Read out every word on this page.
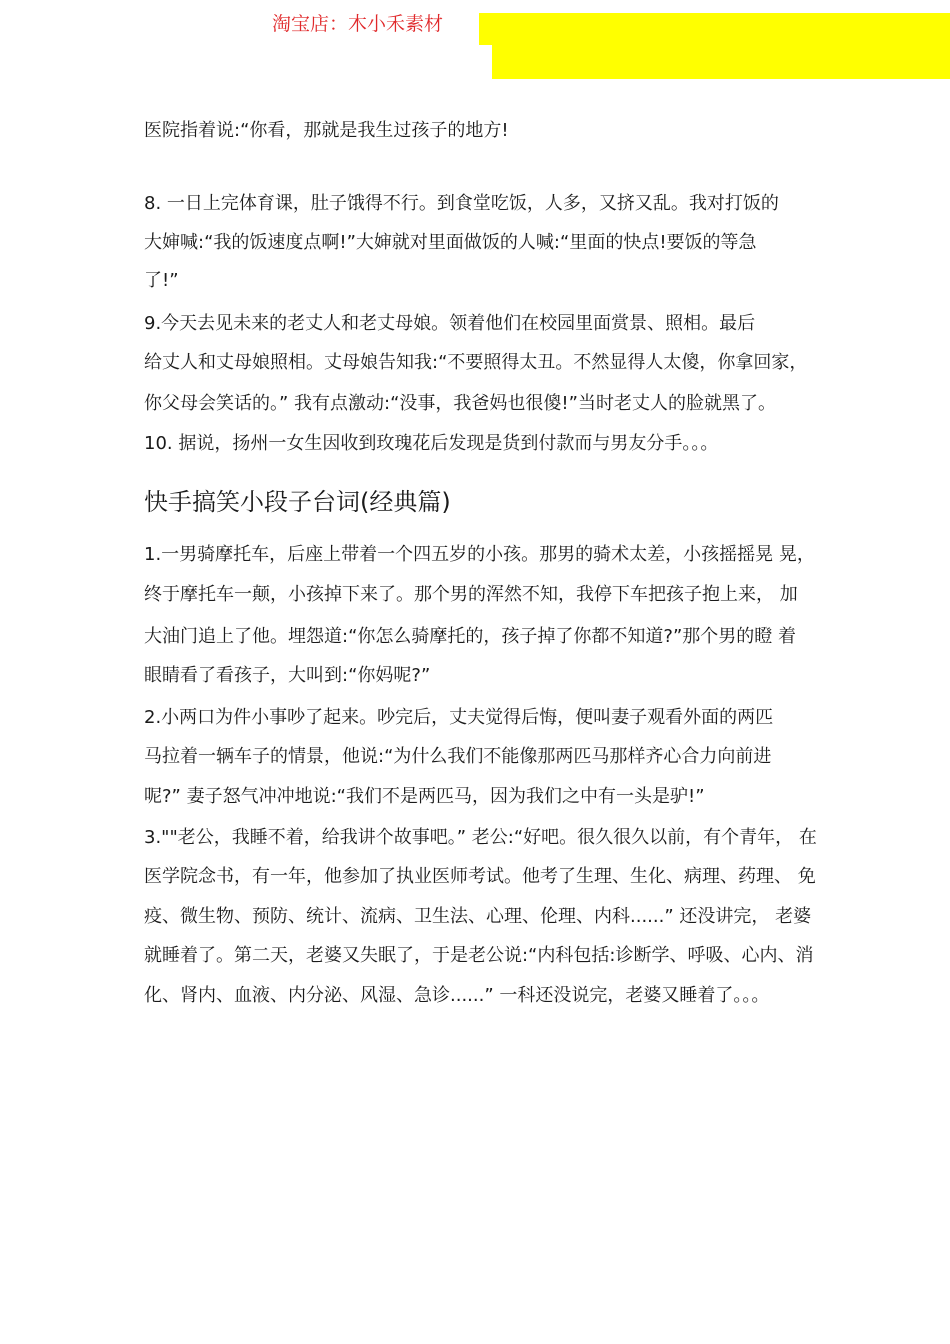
淘宝店：木小禾素材
医院指着说:“你看，那就是我生过孩子的地方!
8. 一日上完体育课，肚子饿得不行。到食堂吃饭，人多，又挤又乱。我对打饭的
大婶喊:“我的饭速度点啊!”大婶就对里面做饭的人喊:“里面的快点!要饭的等急
了!”
9.今天去见未来的老丈人和老丈母娘。领着他们在校园里面赏景、照相。最后
给丈人和丈母娘照相。丈母娘告知我:“不要照得太丑。不然显得人太傻，你拿回家，
你父母会笑话的。” 我有点激动:“没事，我爸妈也很傻!”当时老丈人的脸就黑了。
10. 据说，扬州一女生因收到玫瑰花后发现是货到付款而与男友分手。。。
快手搞笑小段子台词(经典篇)
1.一男骑摩托车，后座上带着一个四五岁的小孩。那男的骑术太差，小孩摇摇晃 晃，
终于摩托车一颠，小孩掉下来了。那个男的浑然不知，我停下车把孩子抱上来， 加
大油门追上了他。埋怨道:“你怎么骑摩托的，孩子掉了你都不知道?”那个男的瞪 着
眼睛看了看孩子，大叫到:“你妈呢?”
2.小两口为件小事吵了起来。吵完后，丈夫觉得后悔，便叫妻子观看外面的两匹
马拉着一辆车子的情景，他说:“为什么我们不能像那两匹马那样齐心合力向前进
呢?” 妻子怒气冲冲地说:“我们不是两匹马，因为我们之中有一头是驴!”
3.""老公，我睡不着，给我讲个故事吧。” 老公:“好吧。很久很久以前，有个青年， 在
医学院念书，有一年，他参加了执业医师考试。他考了生理、生化、病理、药理、 免
疫、微生物、预防、统计、流病、卫生法、心理、伦理、内科......” 还没讲完， 老婆
就睡着了。第二天，老婆又失眠了，于是老公说:“内科包括:诊断学、呼吸、心内、消
化、肾内、血液、内分泌、风湿、急诊......” 一科还没说完，老婆又睡着了。。。
